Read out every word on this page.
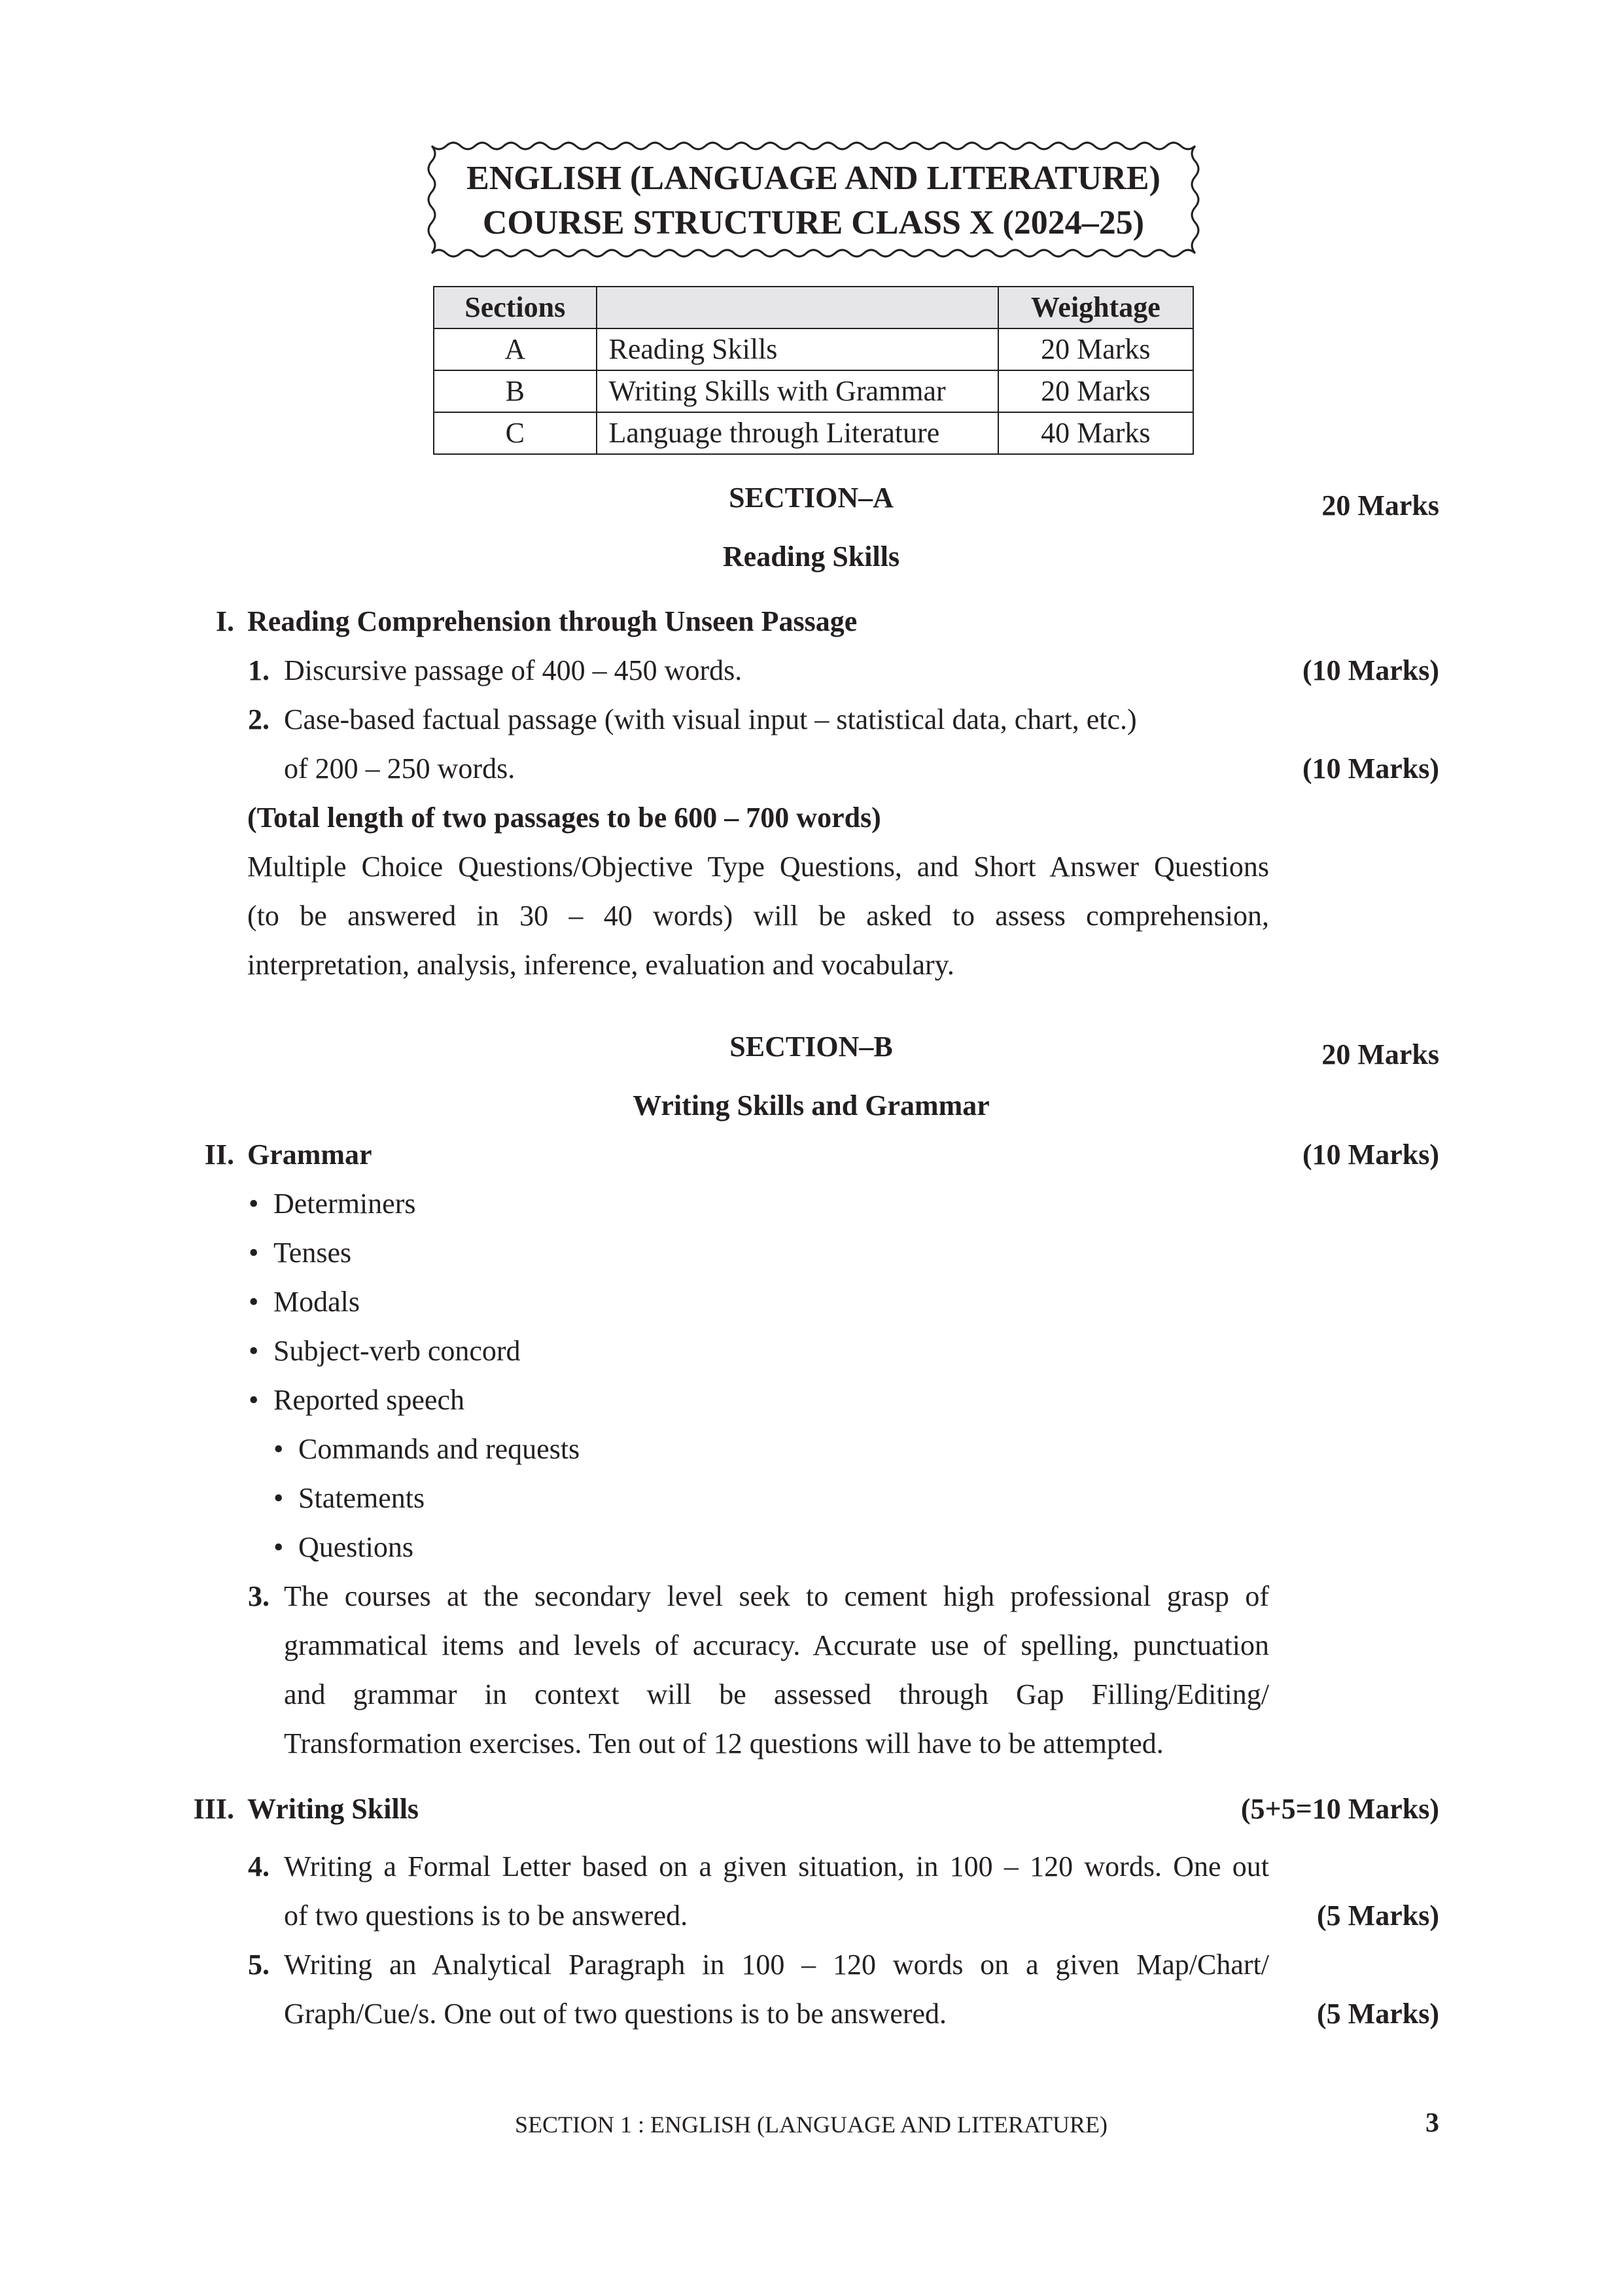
ENGLISH (LANGUAGE AND LITERATURE)
COURSE STRUCTURE CLASS X (2024–25)
Sections		Weightage
A	Reading Skills	20 Marks
B	Writing Skills with Grammar	20 Marks
C	Language through Literature	40 Marks
SECTION–A	20 Marks
Reading Skills
I. Reading Comprehension through Unseen Passage
1. Discursive passage of 400 – 450 words.	(10 Marks)
2. Case-based factual passage (with visual input – statistical data, chart, etc.)
of 200 – 250 words.	(10 Marks)
(Total length of two passages to be 600 – 700 words)
Multiple Choice Questions/Objective Type Questions, and Short Answer Questions
(to be answered in 30 – 40 words) will be asked to assess comprehension,
interpretation, analysis, inference, evaluation and vocabulary.
SECTION–B	20 Marks
Writing Skills and Grammar
II. Grammar	(10 Marks)
• Determiners
• Tenses
• Modals
• Subject-verb concord
• Reported speech
• Commands and requests
• Statements
• Questions
3. The courses at the secondary level seek to cement high professional grasp of
grammatical items and levels of accuracy. Accurate use of spelling, punctuation
and grammar in context will be assessed through Gap Filling/Editing/
Transformation exercises. Ten out of 12 questions will have to be attempted.
III. Writing Skills	(5+5=10 Marks)
4. Writing a Formal Letter based on a given situation, in 100 – 120 words. One out
of two questions is to be answered.	(5 Marks)
5. Writing an Analytical Paragraph in 100 – 120 words on a given Map/Chart/
Graph/Cue/s. One out of two questions is to be answered.	(5 Marks)
SECTION 1 : ENGLISH (LANGUAGE AND LITERATURE)	3
